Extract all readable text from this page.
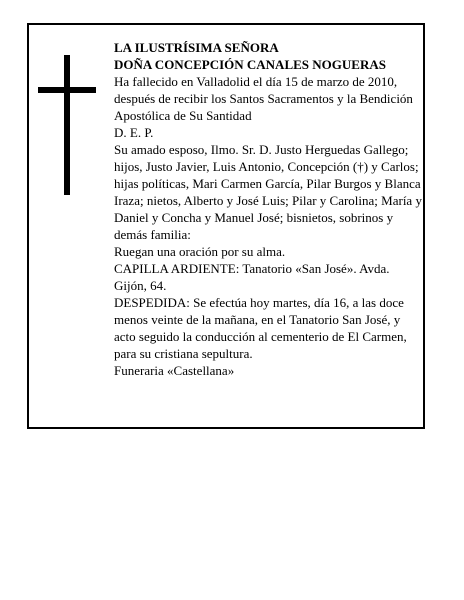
LA ILUSTRÍSIMA SEÑORA

DOÑA CONCEPCIÓN CANALES NOGUERAS

Ha fallecido en Valladolid el día 15 de marzo de 2010, después de recibir los Santos Sacramentos y la Bendición Apostólica de Su Santidad

D. E. P.

Su amado esposo, Ilmo. Sr. D. Justo Herguedas Gallego; hijos, Justo Javier, Luis Antonio, Concepción (†) y Carlos; hijas políticas, Mari Carmen García, Pilar Burgos y Blanca Iraza; nietos, Alberto y José Luis; Pilar y Carolina; María y Daniel y Concha y Manuel José; bisnietos, sobrinos y demás familia:

Ruegan una oración por su alma.

CAPILLA ARDIENTE: Tanatorio «San José». Avda. Gijón, 64.

DESPEDIDA: Se efectúa hoy martes, día 16, a las doce menos veinte de la mañana, en el Tanatorio San José, y acto seguido la conducción al cementerio de El Carmen, para su cristiana sepultura.

Funeraria «Castellana»
